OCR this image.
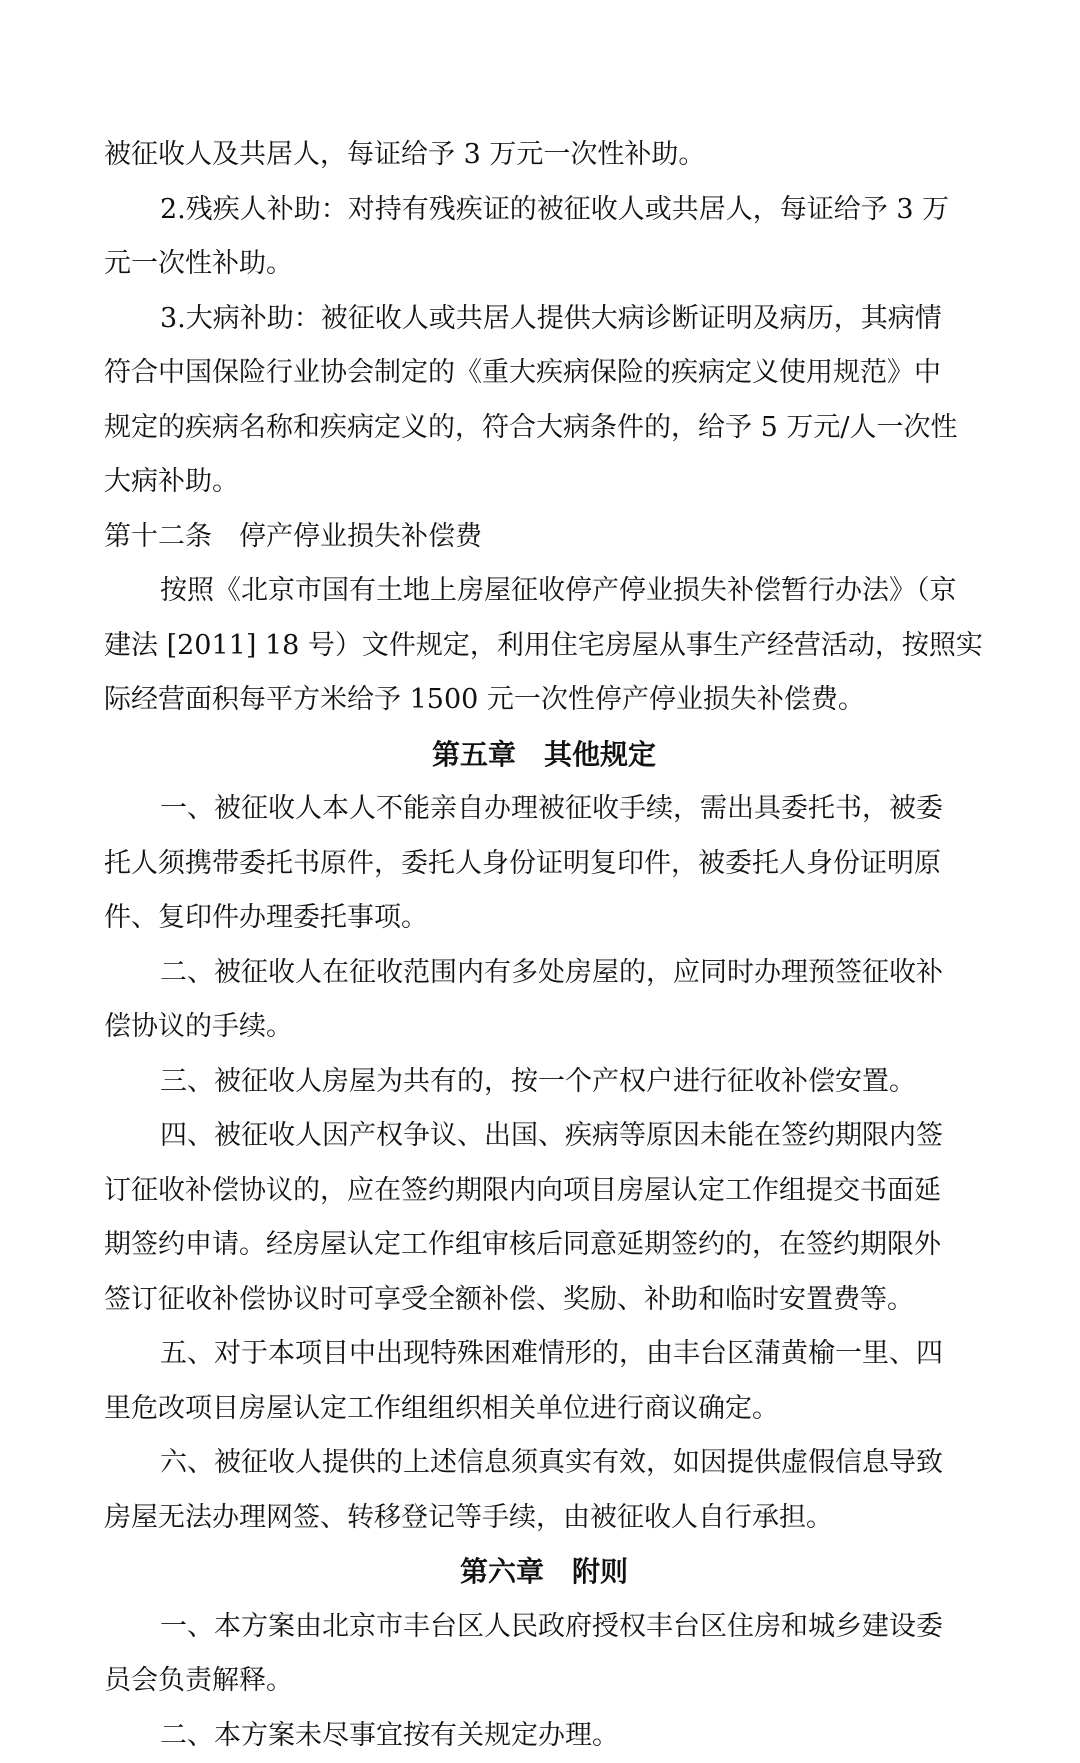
被征收人及共居人，每证给予 3 万元一次性补助。
2.残疾人补助：对持有残疾证的被征收人或共居人，每证给予 3 万
元一次性补助。
3.大病补助：被征收人或共居人提供大病诊断证明及病历，其病情
符合中国保险行业协会制定的《重大疾病保险的疾病定义使用规范》中
规定的疾病名称和疾病定义的，符合大病条件的，给予 5 万元/人一次性
大病补助。
第十二条　停产停业损失补偿费
按照《北京市国有土地上房屋征收停产停业损失补偿暂行办法》（京
建法 [2011] 18 号）文件规定，利用住宅房屋从事生产经营活动，按照实
际经营面积每平方米给予 1500 元一次性停产停业损失补偿费。
第五章　其他规定
一、被征收人本人不能亲自办理被征收手续，需出具委托书，被委
托人须携带委托书原件，委托人身份证明复印件，被委托人身份证明原
件、复印件办理委托事项。
二、被征收人在征收范围内有多处房屋的，应同时办理预签征收补
偿协议的手续。
三、被征收人房屋为共有的，按一个产权户进行征收补偿安置。
四、被征收人因产权争议、出国、疾病等原因未能在签约期限内签
订征收补偿协议的，应在签约期限内向项目房屋认定工作组提交书面延
期签约申请。经房屋认定工作组审核后同意延期签约的，在签约期限外
签订征收补偿协议时可享受全额补偿、奖励、补助和临时安置费等。
五、对于本项目中出现特殊困难情形的，由丰台区蒲黄榆一里、四
里危改项目房屋认定工作组组织相关单位进行商议确定。
六、被征收人提供的上述信息须真实有效，如因提供虚假信息导致
房屋无法办理网签、转移登记等手续，由被征收人自行承担。
第六章　附则
一、本方案由北京市丰台区人民政府授权丰台区住房和城乡建设委
员会负责解释。
二、本方案未尽事宜按有关规定办理。
